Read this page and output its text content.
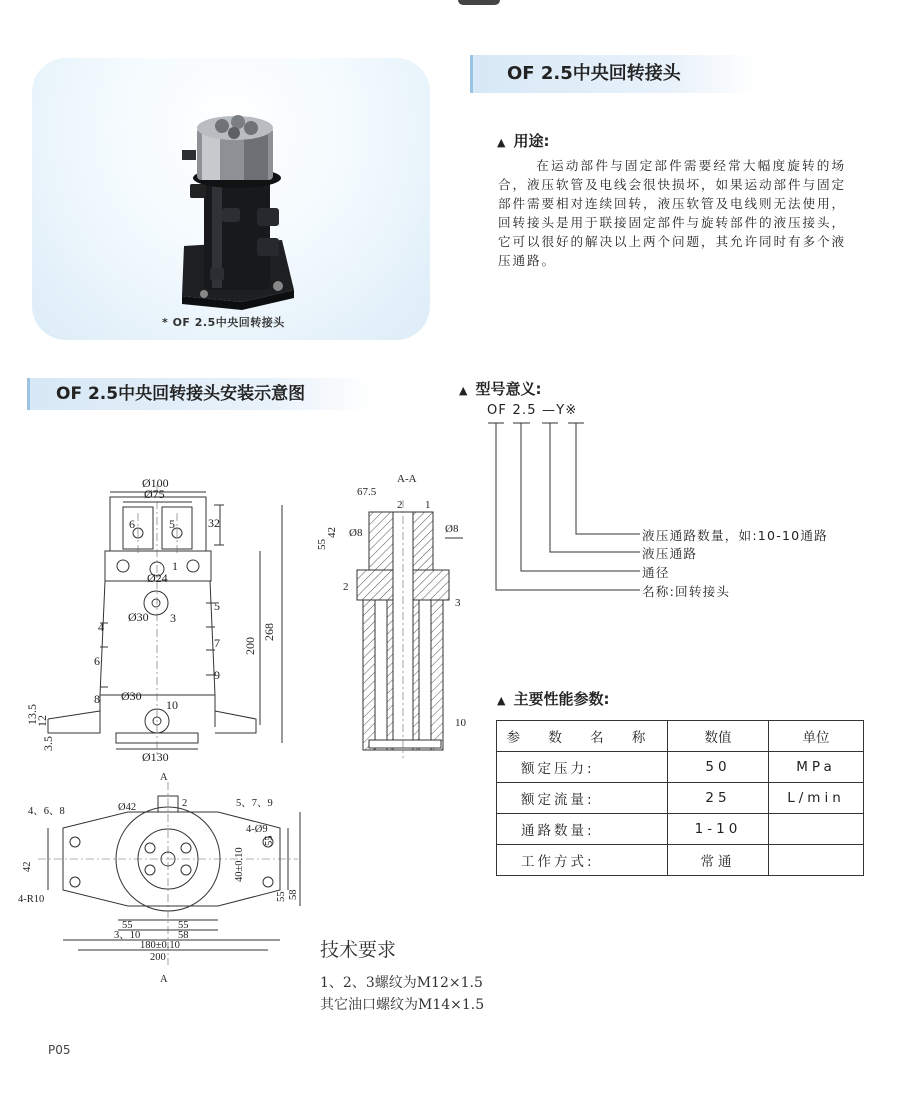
* OF 2.5中央回转接头
OF 2.5中央回转接头
▲ 用途:
在运动部件与固定部件需要经常大幅度旋转的场合，液压软管及电线会很快损坏，如果运动部件与固定部件需要相对连续回转，液压软管及电线则无法使用，回转接头是用于联接固定部件与旋转部件的液压接头，它可以很好的解决以上两个问题，其允许同时有多个液压通路。
OF 2.5中央回转接头安装示意图	▲ 型号意义:
OF 2.5 —Y※
液压通路数量，如:10-10通路
液压通路
通径
名称:回转接头
▲ 主要性能参数:
参 数 名 称	数值	单位
额定压力:	50	MPa
额定流量:	25	L/min
通路数量:	1-10	
工作方式:	常通	
技术要求
1、2、3螺纹为M12×1.5
其它油口螺纹为M14×1.5
P05
Ø100
Ø75
32
Ø24
Ø30
268
200
Ø30
13.5
12
3.5
Ø130
6	5
1
3
4
5
7
6
9
8	10
A-A
67.5
55
42 Ø8	Ø8
2 1
2
3
10
A
Ø42	2
4、6、8
5、7、9
42
4-Ø9
55
40±0.10
55 58
4-R10
55	55
58
3、10
180±0.10
200
A
